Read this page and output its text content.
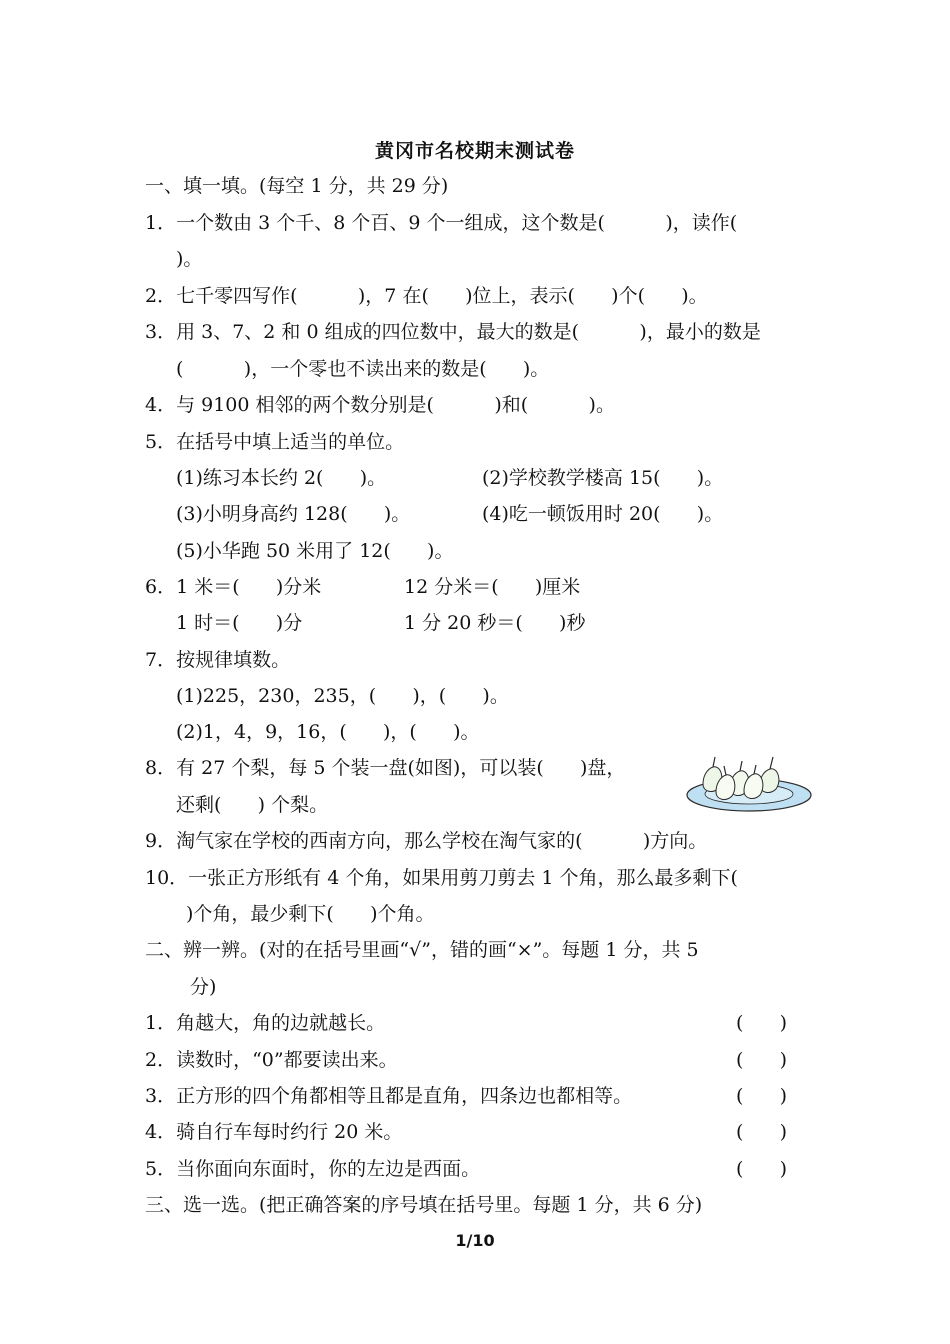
黄冈市名校期末测试卷
一、填一填。(每空 1 分，共 29 分)
1．一个数由 3 个千、8 个百、9 个一组成，这个数是(          )，读作(
)。
2．七千零四写作(          )，7 在(      )位上，表示(      )个(      )。
3．用 3、7、2 和 0 组成的四位数中，最大的数是(          )，最小的数是
(          )，一个零也不读出来的数是(      )。
4．与 9100 相邻的两个数分别是(          )和(          )。
5．在括号中填上适当的单位。
(1)练习本长约 2(      )。	(2)学校教学楼高 15(      )。
(3)小明身高约 128(      )。	(4)吃一顿饭用时 20(      )。
(5)小华跑 50 米用了 12(      )。
6．1 米＝(      )分米	12 分米＝(      )厘米
1 时＝(      )分	1 分 20 秒＝(      )秒
7．按规律填数。
(1)225，230，235，(      )，(      )。
(2)1，4，9，16，(      )，(      )。
8．有 27 个梨，每 5 个装一盘(如图)，可以装(      )盘，
还剩(      ) 个梨。
9．淘气家在学校的西南方向，那么学校在淘气家的(          )方向。
10．一张正方形纸有 4 个角，如果用剪刀剪去 1 个角，那么最多剩下(
)个角，最少剩下(      )个角。
二、辨一辨。(对的在括号里画“√”，错的画“×”。每题 1 分，共 5
分)
1．角越大，角的边就越长。	(      )
2．读数时，“0”都要读出来。	(      )
3．正方形的四个角都相等且都是直角，四条边也都相等。	(      )
4．骑自行车每时约行 20 米。	(      )
5．当你面向东面时，你的左边是西面。	(      )
三、选一选。(把正确答案的序号填在括号里。每题 1 分，共 6 分)
1/10
